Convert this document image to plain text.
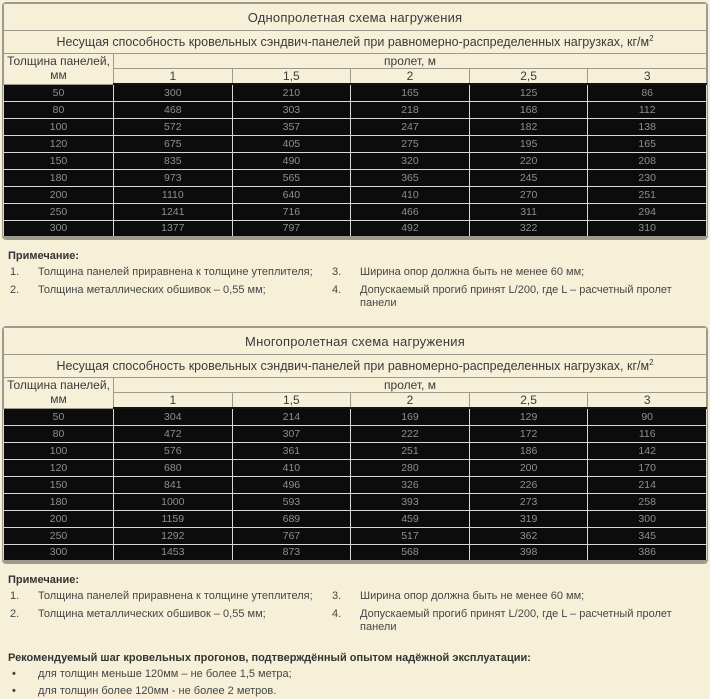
Однопролетная схема нагружения					
Несущая способность кровельных сэндвич-панелей при равномерно-распределенных нагрузках, $кг/м^2$

Толщина панелей,
мм	пролет, м				
	1	1,5	2	2,5	3
50	300	210	165	125	86
80	468	303	218	168	112
100	572	357	247	182	138
120	675	405	275	195	165
150	835	490	320	220	208
180	973	565	365	245	230
200	1110	640	410	270	251
250	1241	716	466	311	294
300	1377	797	492	322	310
Примечание:
1.	Толщина панелей приравнена к толщине утеплителя;
2.	Толщина металлических обшивок – 0,55 мм;
3.	Ширина опор должна быть не менее 60 мм;
4.	Допускаемый прогиб принят L/200, где L – расчетный пролет панели
Многопролетная схема нагружения					
Несущая способность кровельных сэндвич-панелей при равномерно-распределенных нагрузках, $кг/м^2$

Толщина панелей,
мм	пролет, м				
	1	1,5	2	2,5	3
50	304	214	169	129	90
80	472	307	222	172	116
100	576	361	251	186	142
120	680	410	280	200	170
150	841	496	326	226	214
180	1000	593	393	273	258
200	1159	689	459	319	300
250	1292	767	517	362	345
300	1453	873	568	398	386
Примечание:
1.	Толщина панелей приравнена к толщине утеплителя;
2.	Толщина металлических обшивок – 0,55 мм;
3.	Ширина опор должна быть не менее 60 мм;
4.	Допускаемый прогиб принят L/200, где L – расчетный пролет панели
Рекомендуемый шаг кровельных прогонов, подтверждённый опытом надёжной эксплуатации:
•	для толщин меньше 120мм – не более 1,5 метра;
•	для толщин более 120мм - не более 2 метров.
